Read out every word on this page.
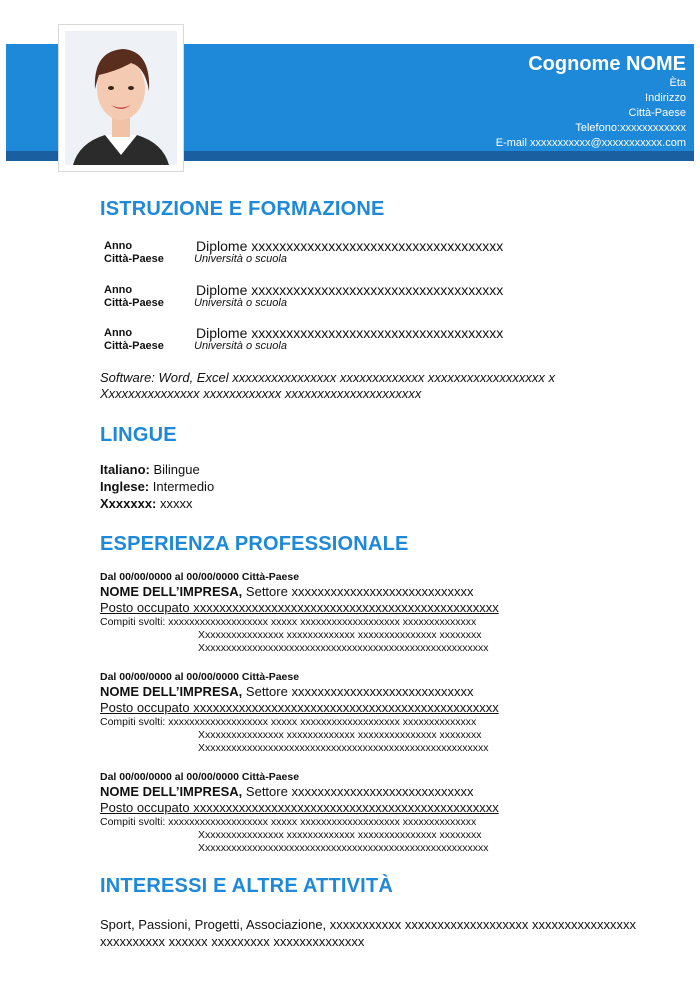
Cognome NOME
Èta
Indirizzo
Città-Paese
Telefono:xxxxxxxxxxxx
E-mail xxxxxxxxxxx@xxxxxxxxxxx.com
ISTRUZIONE E FORMAZIONE
Anno	Diplome xxxxxxxxxxxxxxxxxxxxxxxxxxxxxxxxxxxx
Città-Paese	Università o scuola
Anno	Diplome xxxxxxxxxxxxxxxxxxxxxxxxxxxxxxxxxxxx
Città-Paese	Università o scuola
Anno	Diplome xxxxxxxxxxxxxxxxxxxxxxxxxxxxxxxxxxxx
Città-Paese	Università o scuola
Software: Word, Excel xxxxxxxxxxxxxxxx xxxxxxxxxxxxx xxxxxxxxxxxxxxxxxx x Xxxxxxxxxxxxxxx xxxxxxxxxxxx xxxxxxxxxxxxxxxxxxxxx
LINGUE
Italiano: Bilingue
Inglese: Intermedio
Xxxxxxx: xxxxx
ESPERIENZA PROFESSIONALE
Dal 00/00/0000 al 00/00/0000 Città-Paese
NOME DELL’IMPRESA, Settore xxxxxxxxxxxxxxxxxxxxxxxxxxxx
Posto occupato xxxxxxxxxxxxxxxxxxxxxxxxxxxxxxxxxxxxxxxxxxxxxxx
Compiti svolti: xxxxxxxxxxxxxxxxxxx xxxxx xxxxxxxxxxxxxxxxxxx xxxxxxxxxxxxxx
Xxxxxxxxxxxxxxxx xxxxxxxxxxxxx xxxxxxxxxxxxxxx xxxxxxxx
Xxxxxxxxxxxxxxxxxxxxxxxxxxxxxxxxxxxxxxxxxxxxxxxxxxxxxxx
Dal 00/00/0000 al 00/00/0000 Città-Paese
NOME DELL’IMPRESA, Settore xxxxxxxxxxxxxxxxxxxxxxxxxxxx
Posto occupato xxxxxxxxxxxxxxxxxxxxxxxxxxxxxxxxxxxxxxxxxxxxxxx
Compiti svolti: xxxxxxxxxxxxxxxxxxx xxxxx xxxxxxxxxxxxxxxxxxx xxxxxxxxxxxxxx
Xxxxxxxxxxxxxxxx xxxxxxxxxxxxx xxxxxxxxxxxxxxx xxxxxxxx
Xxxxxxxxxxxxxxxxxxxxxxxxxxxxxxxxxxxxxxxxxxxxxxxxxxxxxxx
Dal 00/00/0000 al 00/00/0000 Città-Paese
NOME DELL’IMPRESA, Settore xxxxxxxxxxxxxxxxxxxxxxxxxxxx
Posto occupato xxxxxxxxxxxxxxxxxxxxxxxxxxxxxxxxxxxxxxxxxxxxxxx
Compiti svolti: xxxxxxxxxxxxxxxxxxx xxxxx xxxxxxxxxxxxxxxxxxx xxxxxxxxxxxxxx
Xxxxxxxxxxxxxxxx xxxxxxxxxxxxx xxxxxxxxxxxxxxx xxxxxxxx
Xxxxxxxxxxxxxxxxxxxxxxxxxxxxxxxxxxxxxxxxxxxxxxxxxxxxxxx
INTERESSI E ALTRE ATTIVITÀ
Sport, Passioni, Progetti, Associazione, xxxxxxxxxxx xxxxxxxxxxxxxxxxxxx xxxxxxxxxxxxxxxx xxxxxxxxxx xxxxxx xxxxxxxxx xxxxxxxxxxxxxx
